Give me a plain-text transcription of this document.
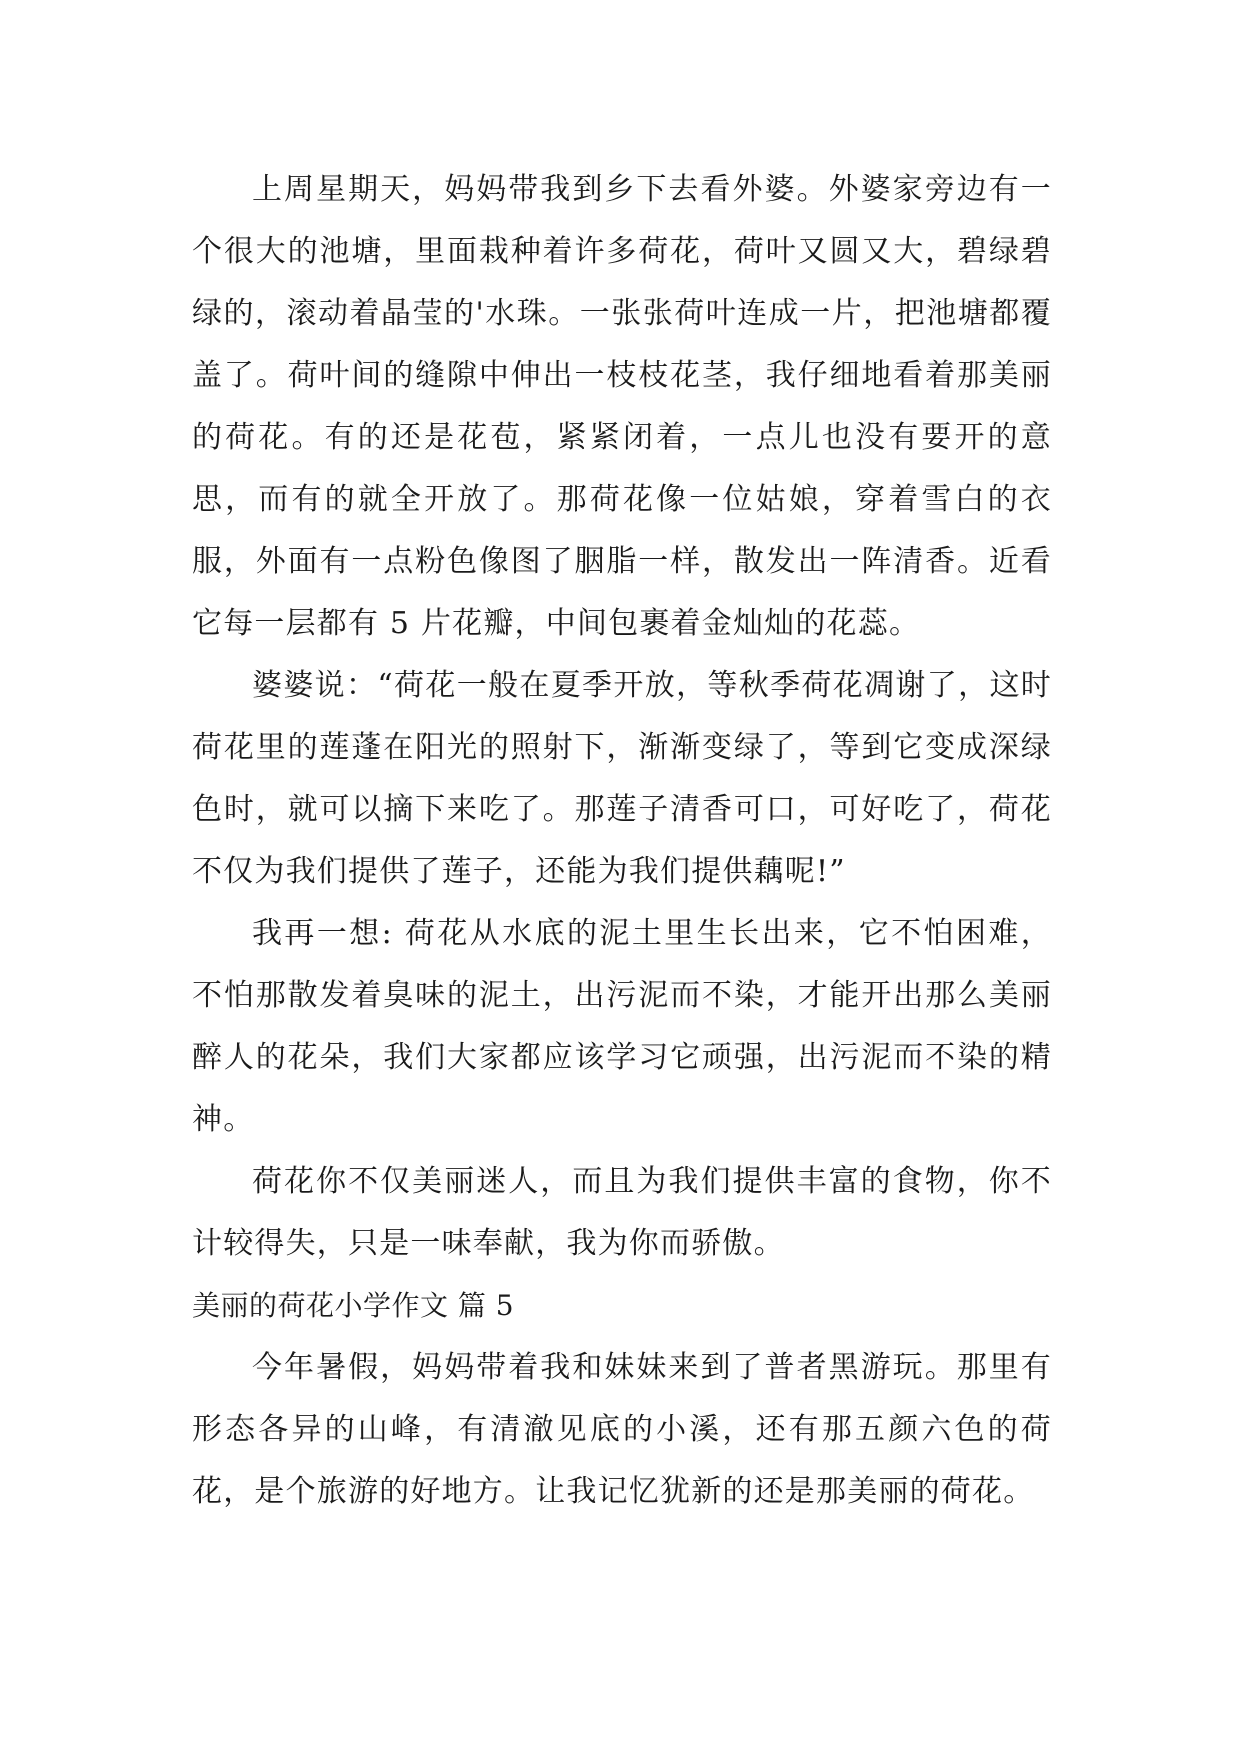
上周星期天，妈妈带我到乡下去看外婆。外婆家旁边有一个很大的池塘，里面栽种着许多荷花，荷叶又圆又大，碧绿碧绿的，滚动着晶莹的'水珠。一张张荷叶连成一片，把池塘都覆盖了。荷叶间的缝隙中伸出一枝枝花茎，我仔细地看着那美丽的荷花。有的还是花苞，紧紧闭着，一点儿也没有要开的意思，而有的就全开放了。那荷花像一位姑娘，穿着雪白的衣服，外面有一点粉色像图了胭脂一样，散发出一阵清香。近看它每一层都有 5 片花瓣，中间包裹着金灿灿的花蕊。

婆婆说：“荷花一般在夏季开放，等秋季荷花凋谢了，这时荷花里的莲蓬在阳光的照射下，渐渐变绿了，等到它变成深绿色时，就可以摘下来吃了。那莲子清香可口，可好吃了，荷花不仅为我们提供了莲子，还能为我们提供藕呢!”

我再一想: 荷花从水底的泥土里生长出来，它不怕困难，不怕那散发着臭味的泥土，出污泥而不染，才能开出那么美丽醉人的花朵，我们大家都应该学习它顽强，出污泥而不染的精神。

荷花你不仅美丽迷人，而且为我们提供丰富的食物，你不计较得失，只是一味奉献，我为你而骄傲。

美丽的荷花小学作文 篇 5

今年暑假，妈妈带着我和妹妹来到了普者黑游玩。那里有形态各异的山峰，有清澈见底的小溪，还有那五颜六色的荷花，是个旅游的好地方。让我记忆犹新的还是那美丽的荷花。
